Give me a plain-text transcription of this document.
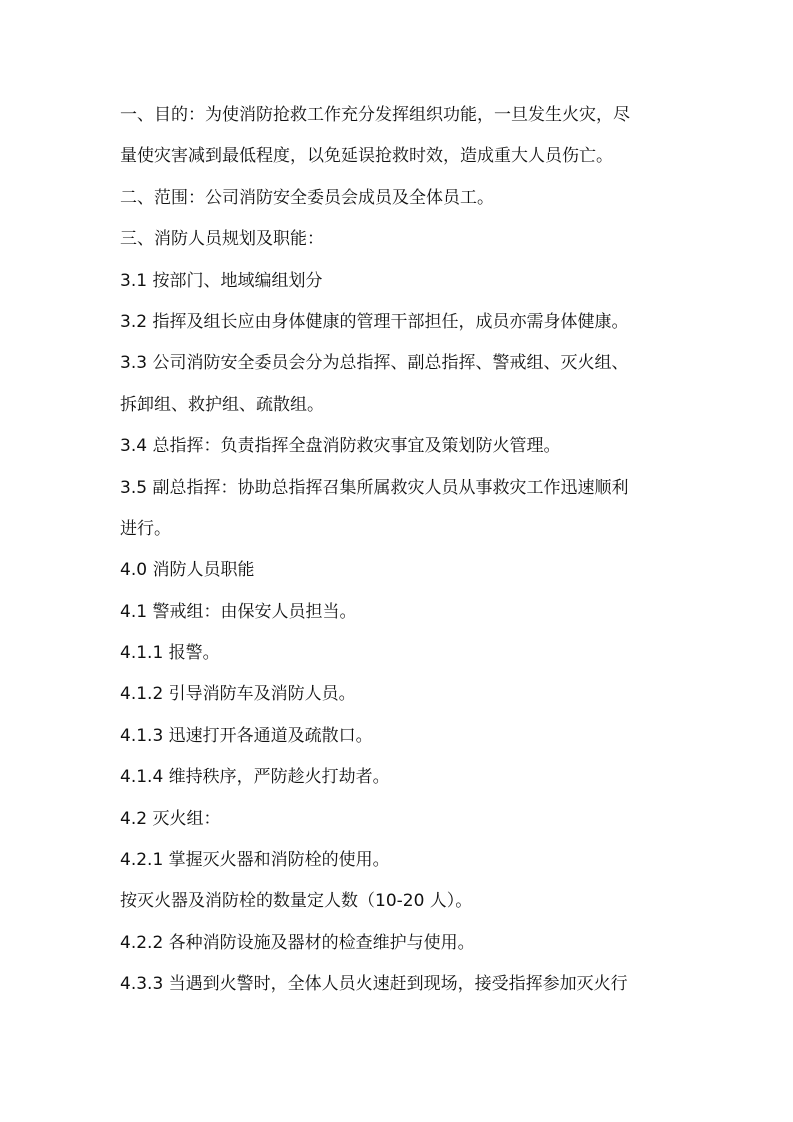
一、目的：为使消防抢救工作充分发挥组织功能，一旦发生火灾，尽
量使灾害减到最低程度，以免延误抢救时效，造成重大人员伤亡。
二、范围：公司消防安全委员会成员及全体员工。
三、消防人员规划及职能：
3.1 按部门、地域编组划分
3.2 指挥及组长应由身体健康的管理干部担任，成员亦需身体健康。
3.3 公司消防安全委员会分为总指挥、副总指挥、警戒组、灭火组、
拆卸组、救护组、疏散组。
3.4 总指挥：负责指挥全盘消防救灾事宜及策划防火管理。
3.5 副总指挥：协助总指挥召集所属救灾人员从事救灾工作迅速顺利
进行。
4.0 消防人员职能
4.1 警戒组：由保安人员担当。
4.1.1 报警。
4.1.2 引导消防车及消防人员。
4.1.3 迅速打开各通道及疏散口。
4.1.4 维持秩序，严防趁火打劫者。
4.2 灭火组：
4.2.1 掌握灭火器和消防栓的使用。
按灭火器及消防栓的数量定人数（10-20 人）。
4.2.2 各种消防设施及器材的检查维护与使用。
4.3.3 当遇到火警时，全体人员火速赶到现场，接受指挥参加灭火行
